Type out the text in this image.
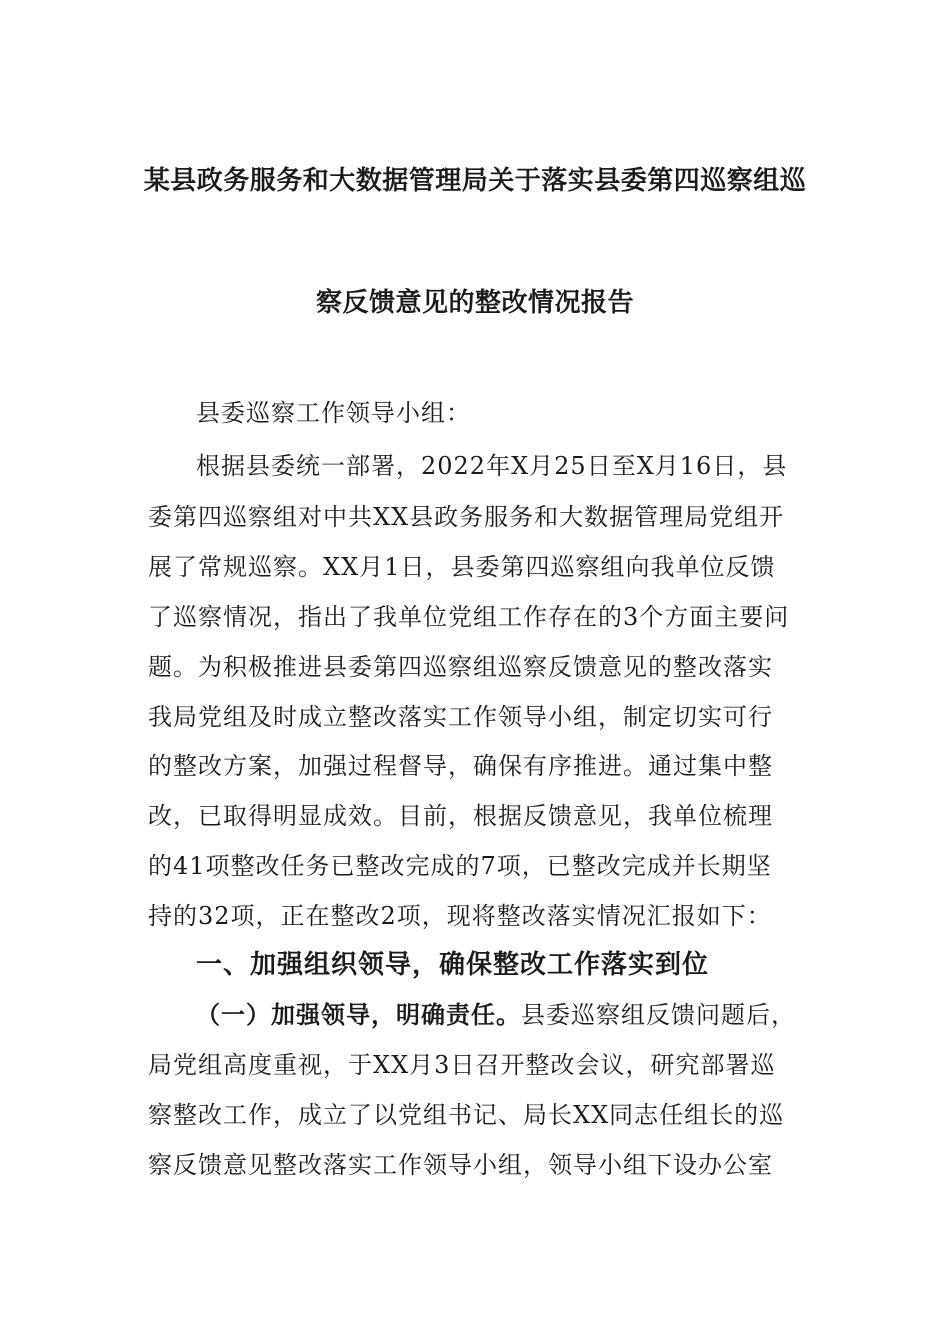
某县政务服务和大数据管理局关于落实县委第四巡察组巡
察反馈意见的整改情况报告
县委巡察工作领导小组：
根据县委统一部署，2022年X月25日至X月16日，县
委第四巡察组对中共XX县政务服务和大数据管理局党组开
展了常规巡察。XX月1日，县委第四巡察组向我单位反馈
了巡察情况，指出了我单位党组工作存在的3个方面主要问
题。为积极推进县委第四巡察组巡察反馈意见的整改落实
我局党组及时成立整改落实工作领导小组，制定切实可行
的整改方案，加强过程督导，确保有序推进。通过集中整
改，已取得明显成效。目前，根据反馈意见，我单位梳理
的41项整改任务已整改完成的7项，已整改完成并长期坚
持的32项，正在整改2项，现将整改落实情况汇报如下：
一、加强组织领导，确保整改工作落实到位
（一）加强领导，明确责任。县委巡察组反馈问题后，
局党组高度重视，于XX月3日召开整改会议，研究部署巡
察整改工作，成立了以党组书记、局长XX同志任组长的巡
察反馈意见整改落实工作领导小组，领导小组下设办公室
